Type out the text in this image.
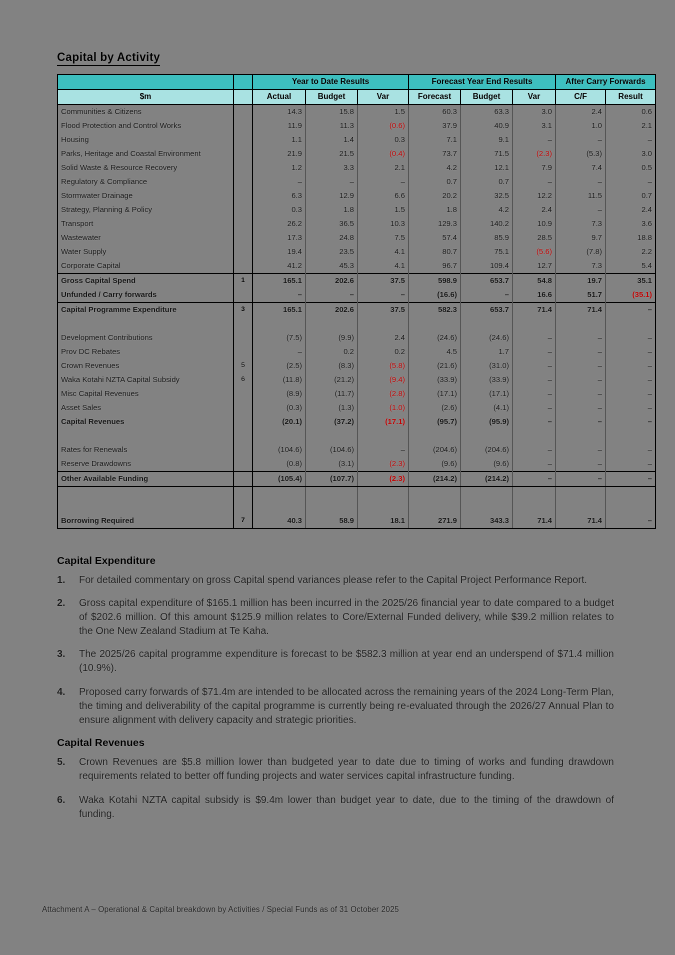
Capital by Activity
		Year to Date Results			Forecast Year End Results			After Carry Forwards	
$m		Actual	Budget	Var	Forecast	Budget	Var	C/F	Result
Communities & Citizens		14.3	15.8	1.5	60.3	63.3	3.0	2.4	0.6
Flood Protection and Control Works		11.9	11.3	(0.6)	37.9	40.9	3.1	1.0	2.1
Housing		1.1	1.4	0.3	7.1	9.1	–	–	–
Parks, Heritage and Coastal Environment		21.9	21.5	(0.4)	73.7	71.5	(2.3)	(5.3)	3.0
Solid Waste & Resource Recovery		1.2	3.3	2.1	4.2	12.1	7.9	7.4	0.5
Regulatory & Compliance		–	–	–	0.7	0.7	–	–	–
Stormwater Drainage		6.3	12.9	6.6	20.2	32.5	12.2	11.5	0.7
Strategy, Planning & Policy		0.3	1.8	1.5	1.8	4.2	2.4	–	2.4
Transport		26.2	36.5	10.3	129.3	140.2	10.9	7.3	3.6
Wastewater		17.3	24.8	7.5	57.4	85.9	28.5	9.7	18.8
Water Supply		19.4	23.5	4.1	80.7	75.1	(5.6)	(7.8)	2.2
Corporate Capital		41.2	45.3	4.1	96.7	109.4	12.7	7.3	5.4
Gross Capital Spend	1	165.1	202.6	37.5	598.9	653.7	54.8	19.7	35.1
Unfunded / Carry forwards		–	–	–	(16.6)	–	16.6	51.7	(35.1)
Capital Programme Expenditure	3	165.1	202.6	37.5	582.3	653.7	71.4	71.4	–

Development Contributions		(7.5)	(9.9)	2.4	(24.6)	(24.6)	–	–	–
Prov DC Rebates		–	0.2	0.2	4.5	1.7	–	–	–
Crown Revenues	5	(2.5)	(8.3)	(5.8)	(21.6)	(31.0)	–	–	–
Waka Kotahi NZTA Capital Subsidy	6	(11.8)	(21.2)	(9.4)	(33.9)	(33.9)	–	–	–
Misc Capital Revenues		(8.9)	(11.7)	(2.8)	(17.1)	(17.1)	–	–	–
Asset Sales		(0.3)	(1.3)	(1.0)	(2.6)	(4.1)	–	–	–
Capital Revenues		(20.1)	(37.2)	(17.1)	(95.7)	(95.9)	–	–	–

Rates for Renewals		(104.6)	(104.6)	–	(204.6)	(204.6)	–	–	–
Reserve Drawdowns		(0.8)	(3.1)	(2.3)	(9.6)	(9.6)	–	–	–
Other Available Funding		(105.4)	(107.7)	(2.3)	(214.2)	(214.2)	–	–	–

Borrowing Required	7	40.3	58.9	18.1	271.9	343.3	71.4	71.4	–
Capital Expenditure
1.	For detailed commentary on gross Capital spend variances please refer to the Capital Project Performance Report.
2.	Gross capital expenditure of $165.1 million has been incurred in the 2025/26 financial year to date compared to a budget of $202.6 million. Of this amount $125.9 million relates to Core/External Funded delivery, while $39.2 million relates to the One New Zealand Stadium at Te Kaha.
3.	The 2025/26 capital programme expenditure is forecast to be $582.3 million at year end an underspend of $71.4 million (10.9%).
4.	Proposed carry forwards of $71.4m are intended to be allocated across the remaining years of the 2024 Long-Term Plan, the timing and deliverability of the capital programme is currently being re-evaluated through the 2026/27 Annual Plan to ensure alignment with delivery capacity and strategic priorities.
Capital Revenues
5.	Crown Revenues are $5.8 million lower than budgeted year to date due to timing of works and funding drawdown requirements related to better off funding projects and water services capital infrastructure funding.
6.	Waka Kotahi NZTA capital subsidy is $9.4m lower than budget year to date, due to the timing of the drawdown of funding.
Attachment A – Operational & Capital breakdown by Activities / Special Funds as of 31 October 2025
